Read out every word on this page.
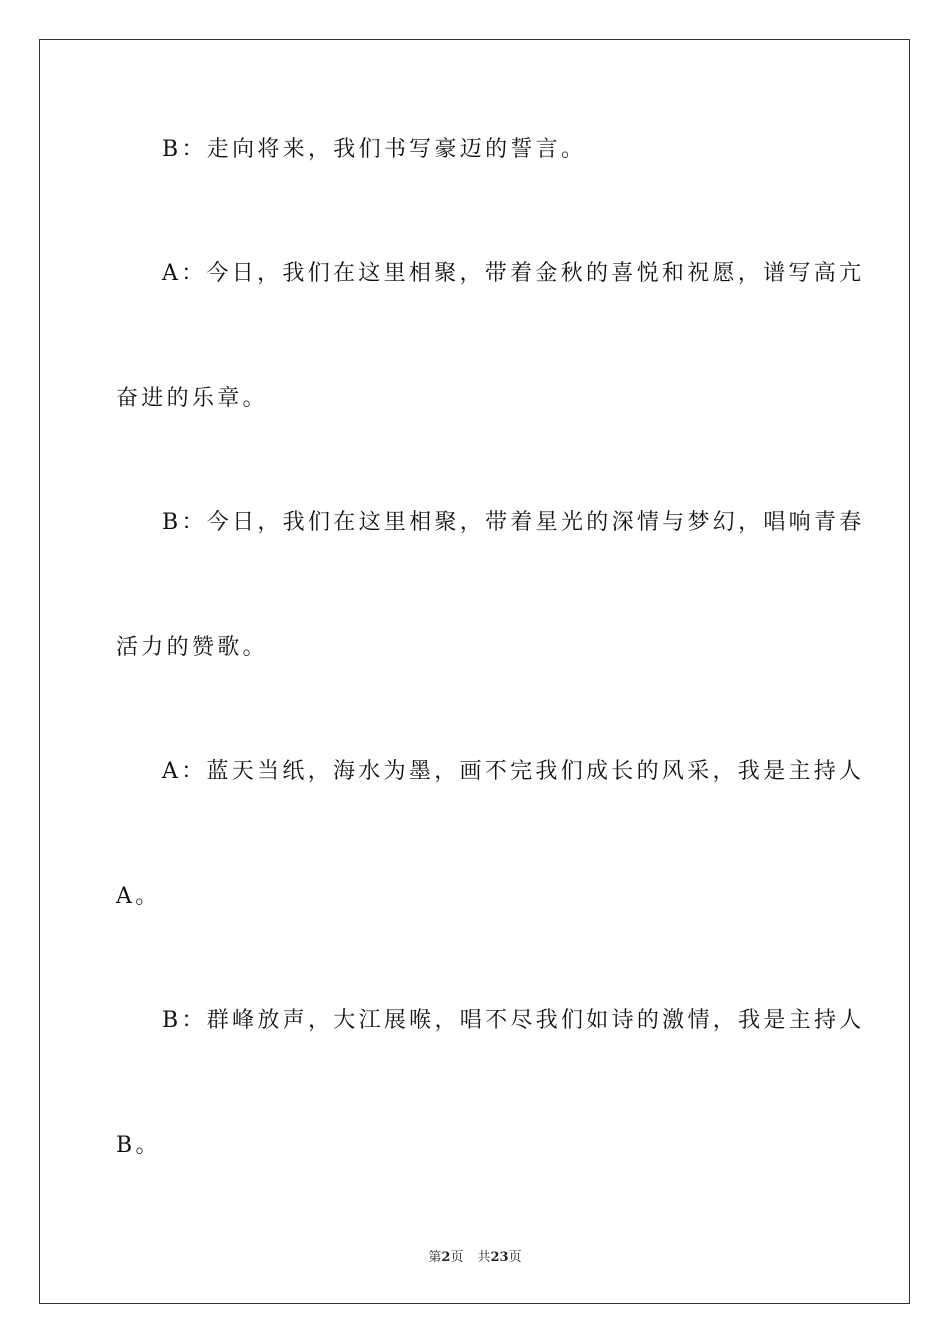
B：走向将来，我们书写豪迈的誓言。
A：今日，我们在这里相聚，带着金秋的喜悦和祝愿，谱写高亢
奋进的乐章。
B：今日，我们在这里相聚，带着星光的深情与梦幻，唱响青春
活力的赞歌。
A：蓝天当纸，海水为墨，画不完我们成长的风采，我是主持人
A。
B：群峰放声，大江展喉，唱不尽我们如诗的激情，我是主持人
B。
第2页 共23页
